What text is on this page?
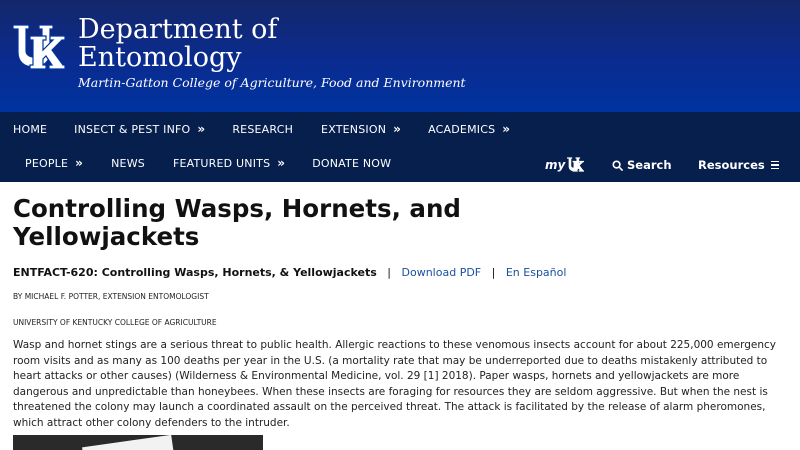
Department of
Entomology
Martin-Gatton College of Agriculture, Food and Environment
HOME INSECT & PEST INFO » RESEARCH	EXTENSION » ACADEMICS »
PEOPLE »	NEWS	FEATURED UNITS » DONATE NOW	my	Search Resources
Controlling Wasps, Hornets, and Yellowjackets
ENTFACT-620: Controlling Wasps, Hornets, & Yellowjackets | Download PDF | En Español
BY MICHAEL F. POTTER, EXTENSION ENTOMOLOGIST
UNIVERSITY OF KENTUCKY COLLEGE OF AGRICULTURE

Wasp and hornet stings are a serious threat to public health. Allergic reactions to these venomous insects account for about 225,000 emergency room visits and as many as 100 deaths per year in the U.S. (a mortality rate that may be underreported due to deaths mistakenly attributed to heart attacks or other causes) (Wilderness & Environmental Medicine, vol. 29 [1] 2018). Paper wasps, hornets and yellowjackets are more dangerous and unpredictable than honeybees. When these insects are foraging for resources they are seldom aggressive. But when the nest is threatened the colony may launch a coordinated assault on the perceived threat. The attack is facilitated by the release of alarm pheromones, which attract other colony defenders to the intruder.
